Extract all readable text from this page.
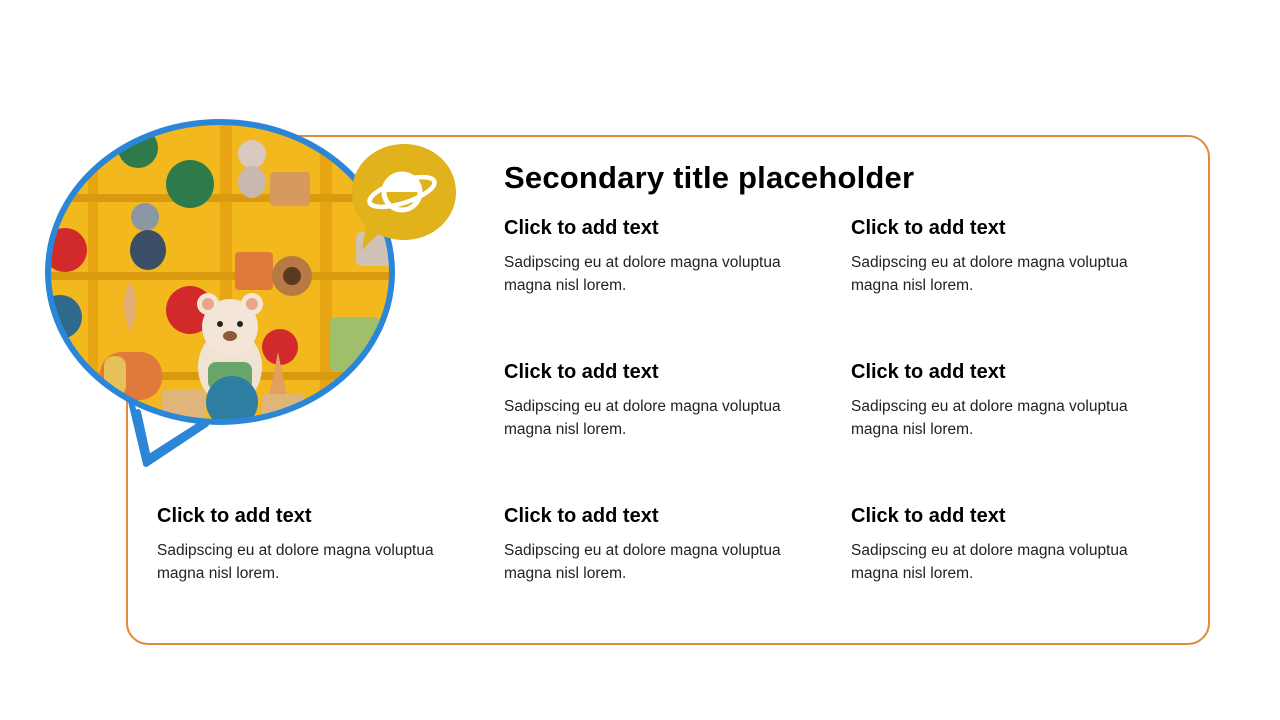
Secondary title placeholder
Click to add text

Sadipscing eu at dolore magna voluptua magna nisl lorem.

Click to add text

Sadipscing eu at dolore magna voluptua magna nisl lorem.

Click to add text

Sadipscing eu at dolore magna voluptua magna nisl lorem.

Click to add text

Sadipscing eu at dolore magna voluptua magna nisl lorem.

Click to add text

Sadipscing eu at dolore magna voluptua magna nisl lorem.

Click to add text

Sadipscing eu at dolore magna voluptua magna nisl lorem.

Click to add text

Sadipscing eu at dolore magna voluptua magna nisl lorem.
